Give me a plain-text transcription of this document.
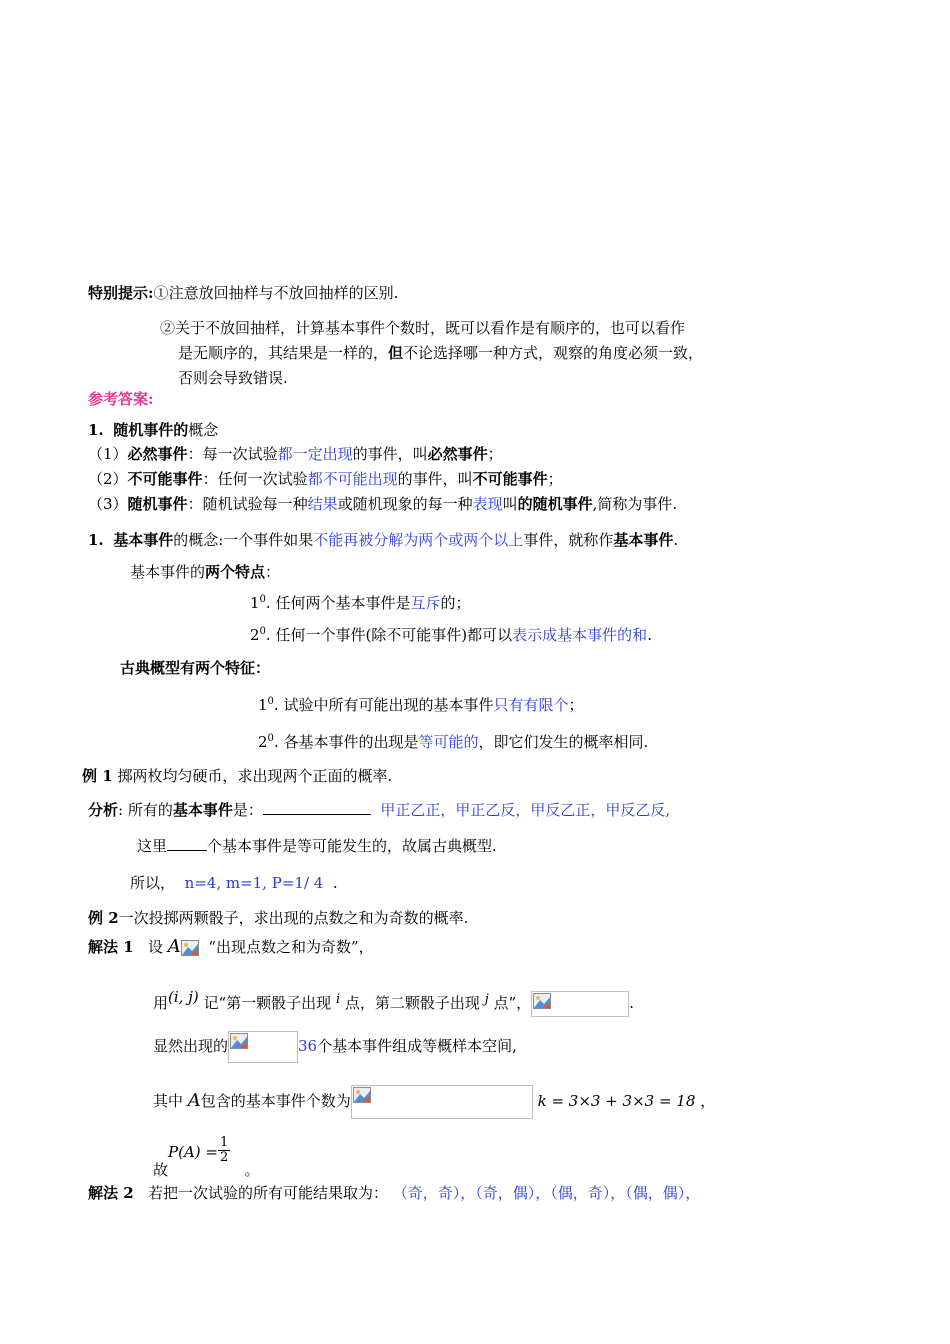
特别提示:①注意放回抽样与不放回抽样的区别.
②关于不放回抽样，计算基本事件个数时，既可以看作是有顺序的，也可以看作
是无顺序的，其结果是一样的，但不论选择哪一种方式，观察的角度必须一致，
否则会导致错误.
参考答案:
1. 随机事件的概念
（1）必然事件：每一次试验都一定出现的事件，叫必然事件；
（2）不可能事件：任何一次试验都不可能出现的事件，叫不可能事件；
（3）随机事件：随机试验每一种结果或随机现象的每一种表现叫的随机事件,简称为事件.
1. 基本事件的概念:一个事件如果不能再被分解为两个或两个以上事件，就称作基本事件.
基本事件的两个特点：
$1^0$. 任何两个基本事件是互斥的；
$2^0$. 任何一个事件(除不可能事件)都可以表示成基本事件的和.
古典概型有两个特征：
$1^0$. 试验中所有可能出现的基本事件只有有限个；
$2^0$. 各基本事件的出现是等可能的，即它们发生的概率相同.
例 1 掷两枚均匀硬币，求出现两个正面的概率.
分析: 所有的基本事件是：	甲正乙正，甲正乙反，甲反乙正，甲反乙反,
这里	个基本事件是等可能发生的，故属古典概型.
所以， n=4, m=1, P=1/ 4 .
例 2一次投掷两颗骰子，求出现的点数之和为奇数的概率.
解法 1 设 A “出现点数之和为奇数”，
用(i, j) 记“第一颗骰子出现 i 点，第二颗骰子出现 j 点”，	.
显然出现的	36个基本事件组成等概样本空间,
其中 A包含的基本事件个数为	k = 3×3 + 3×3 = 18 ，
故$P(A) = \frac{1}{2}$
。
解法 2 若把一次试验的所有可能结果取为： （奇，奇），（奇，偶），（偶，奇），（偶，偶），
